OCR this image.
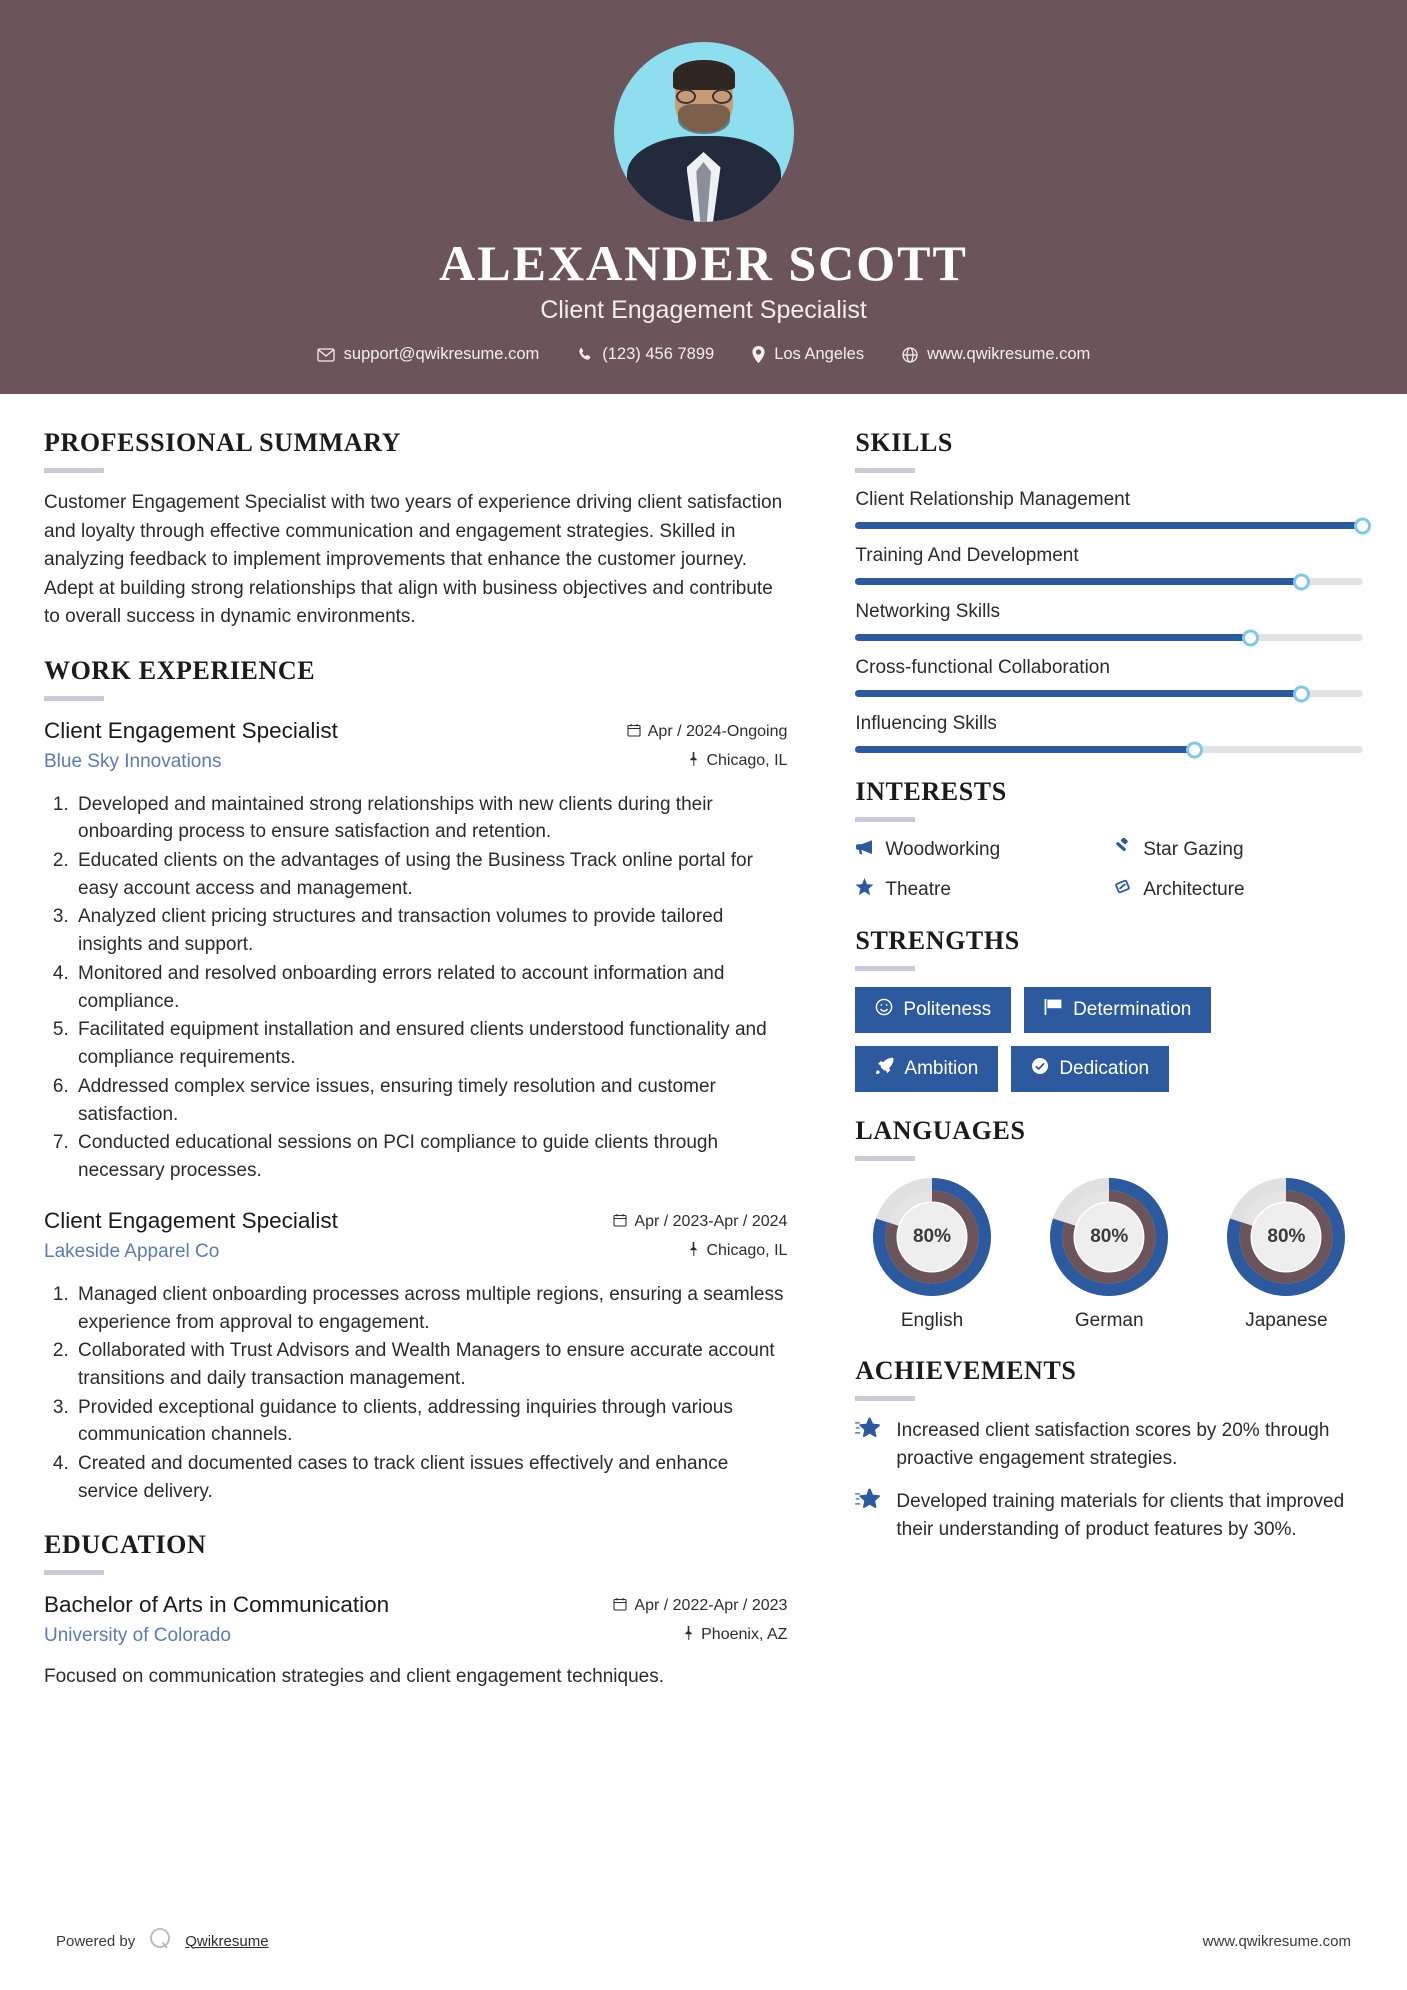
ALEXANDER SCOTT
Client Engagement Specialist
support@qwikresume.com	(123) 456 7899	Los Angeles	www.qwikresume.com
PROFESSIONAL SUMMARY
Customer Engagement Specialist with two years of experience driving client satisfaction and loyalty through effective communication and engagement strategies. Skilled in analyzing feedback to implement improvements that enhance the customer journey. Adept at building strong relationships that align with business objectives and contribute to overall success in dynamic environments.
WORK EXPERIENCE
Client Engagement Specialist
Blue Sky Innovations
Apr / 2024-Ongoing
Chicago, IL
1. Developed and maintained strong relationships with new clients during their onboarding process to ensure satisfaction and retention.
2. Educated clients on the advantages of using the Business Track online portal for easy account access and management.
3. Analyzed client pricing structures and transaction volumes to provide tailored insights and support.
4. Monitored and resolved onboarding errors related to account information and compliance.
5. Facilitated equipment installation and ensured clients understood functionality and compliance requirements.
6. Addressed complex service issues, ensuring timely resolution and customer satisfaction.
7. Conducted educational sessions on PCI compliance to guide clients through necessary processes.
Client Engagement Specialist
Lakeside Apparel Co
Apr / 2023-Apr / 2024
Chicago, IL
1. Managed client onboarding processes across multiple regions, ensuring a seamless experience from approval to engagement.
2. Collaborated with Trust Advisors and Wealth Managers to ensure accurate account transitions and daily transaction management.
3. Provided exceptional guidance to clients, addressing inquiries through various communication channels.
4. Created and documented cases to track client issues effectively and enhance service delivery.
EDUCATION
Bachelor of Arts in Communication
University of Colorado
Apr / 2022-Apr / 2023
Phoenix, AZ
Focused on communication strategies and client engagement techniques.
SKILLS
Client Relationship Management
Training And Development
Networking Skills
Cross-functional Collaboration
Influencing Skills
INTERESTS
Woodworking	Star Gazing
Theatre	Architecture
STRENGTHS
Politeness	Determination
Ambition	Dedication
LANGUAGES
80%
English
80%
German
80%
Japanese
ACHIEVEMENTS
Increased client satisfaction scores by 20% through proactive engagement strategies.
Developed training materials for clients that improved their understanding of product features by 30%.
Powered by	Qwikresume	www.qwikresume.com
